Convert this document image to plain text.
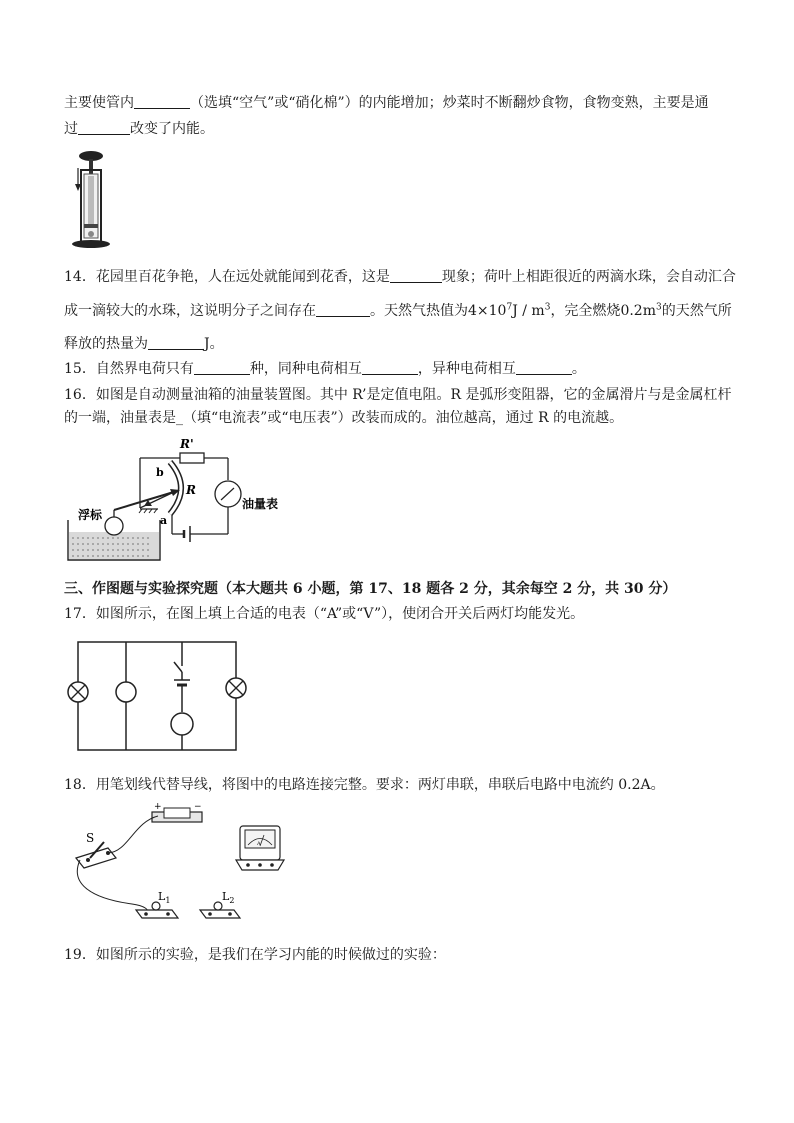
主要使管内	（选填“空气”或“硝化棉”）的内能增加；炒菜时不断翻炒食物，食物变熟，主要是通
过	改变了内能。
14．花园里百花争艳，人在远处就能闻到花香，这是	现象；荷叶上相距很近的两滴水珠，会自动汇合
成一滴较大的水珠，这说明分子之间存在	。天然气热值为$4\times 10^7J / m^3$，完全燃烧$0.2m^3$的天然气所
释放的热量为	J。
15．自然界电荷只有	种，同种电荷相互	，异种电荷相互	。
16．如图是自动测量油箱的油量装置图。其中 R’是定值电阻。R 是弧形变阻器，它的金属滑片与是金属杠杆
的一端，油量表是_（填“电流表”或“电压表”）改装而成的。油位越高，通过 R 的电流越。
R'
R
b
a
浮标
油量表
三、作图题与实验探究题（本大题共 6 小题，第 17、18 题各 2 分，其余每空 2 分，共 30 分）
17．如图所示，在图上填上合适的电表（“A”或“V”），使闭合开关后两灯均能发光。
18．用笔划线代替导线，将图中的电路连接完整。要求：两灯串联，串联后电路中电流约 0.2A。
+	−
S
$L_1$	$L_2$
A
19．如图所示的实验，是我们在学习内能的时候做过的实验：
